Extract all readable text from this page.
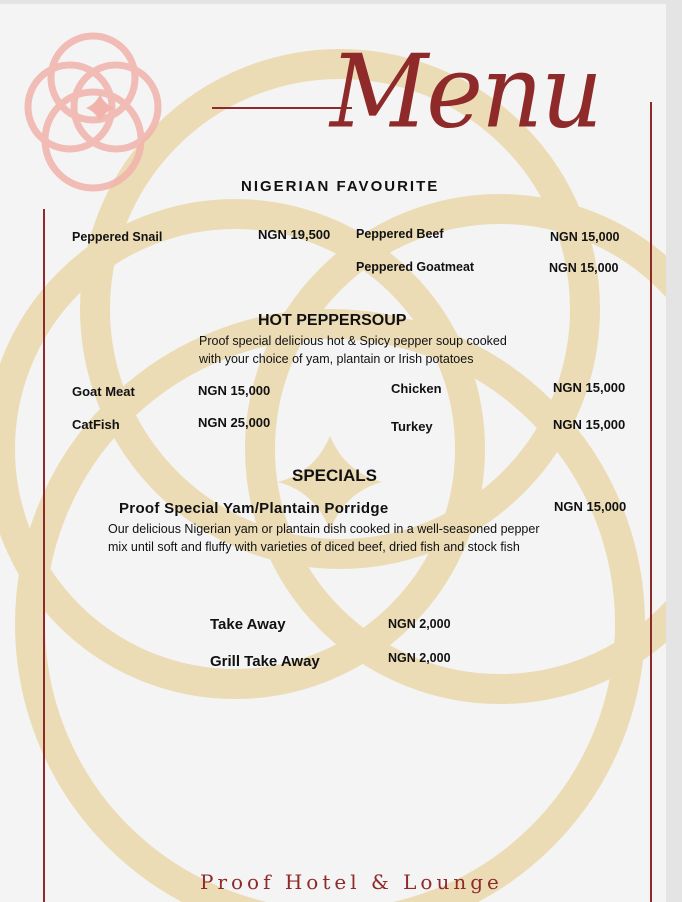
Menu
NIGERIAN FAVOURITE
Peppered Snail	NGN 19,500 Peppered Beef	NGN 15,000
Peppered Goatmeat	NGN 15,000
HOT PEPPERSOUP
Proof special delicious hot & Spicy pepper soup cooked with your choice of yam, plantain or Irish potatoes
Goat Meat	NGN 15,000	Chicken	NGN 15,000
CatFish	NGN 25,000	Turkey	NGN 15,000
SPECIALS
Proof Special Yam/Plantain Porridge	NGN 15,000
Our delicious Nigerian yam or plantain dish cooked in a well-seasoned pepper mix until soft and fluffy with varieties of diced beef, dried fish and stock fish
Take Away	NGN 2,000
Grill Take Away	NGN 2,000
Proof Hotel & Lounge
